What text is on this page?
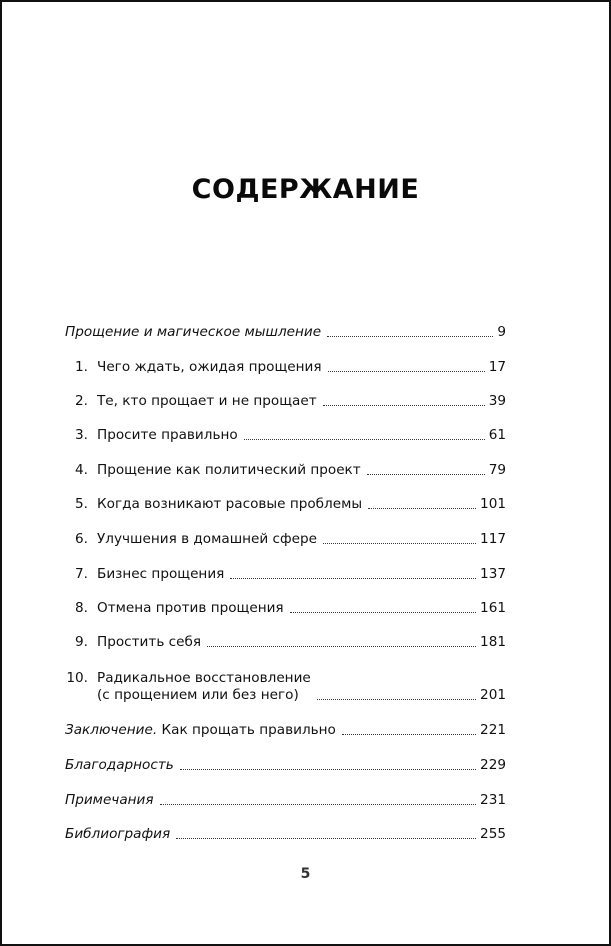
СОДЕРЖАНИЕ
Прощение и магическое мышление	9
1. Чего ждать, ожидая прощения	17
2. Те, кто прощает и не прощает	39
3. Просите правильно	61
4. Прощение как политический проект	79
5. Когда возникают расовые проблемы	101
6. Улучшения в домашней сфере	117
7. Бизнес прощения	137
8. Отмена против прощения	161
9. Простить себя	181
10. Радикальное восстановление
(с прощением или без него)	201
Заключение. Как прощать правильно	221
Благодарность	229
Примечания	231
Библиография	255
5
